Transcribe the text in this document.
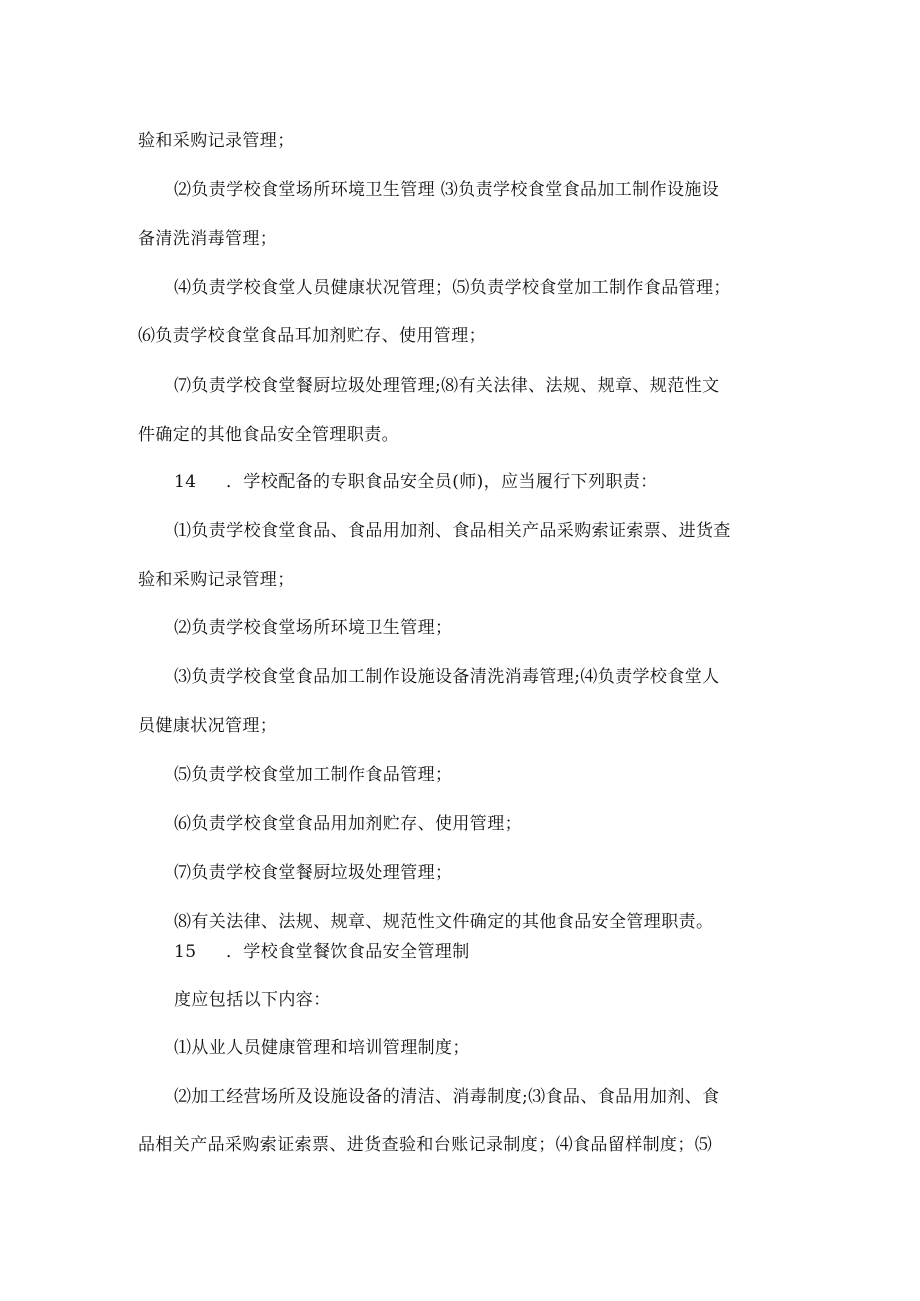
验和采购记录管理；
⑵负责学校食堂场所环境卫生管理 ⑶负责学校食堂食品加工制作设施设
备清洗消毒管理；
⑷负责学校食堂人员健康状况管理；⑸负责学校食堂加工制作食品管理；
⑹负责学校食堂食品耳加剂贮存、使用管理；
⑺负责学校食堂餐厨垃圾处理管理;⑻有关法律、法规、规章、规范性文
件确定的其他食品安全管理职责。
14 ．学校配备的专职食品安全员(师)，应当履行下列职责：
⑴负责学校食堂食品、食品用加剂、食品相关产品采购索证索票、进货查
验和采购记录管理；
⑵负责学校食堂场所环境卫生管理；
⑶负责学校食堂食品加工制作设施设备清洗消毒管理;⑷负责学校食堂人
员健康状况管理；
⑸负责学校食堂加工制作食品管理；
⑹负责学校食堂食品用加剂贮存、使用管理；
⑺负责学校食堂餐厨垃圾处理管理；
⑻有关法律、法规、规章、规范性文件确定的其他食品安全管理职责。
15 ．学校食堂餐饮食品安全管理制
度应包括以下内容：
⑴从业人员健康管理和培训管理制度；
⑵加工经营场所及设施设备的清洁、消毒制度;⑶食品、食品用加剂、食
品相关产品采购索证索票、进货查验和台账记录制度；⑷食品留样制度；⑸
